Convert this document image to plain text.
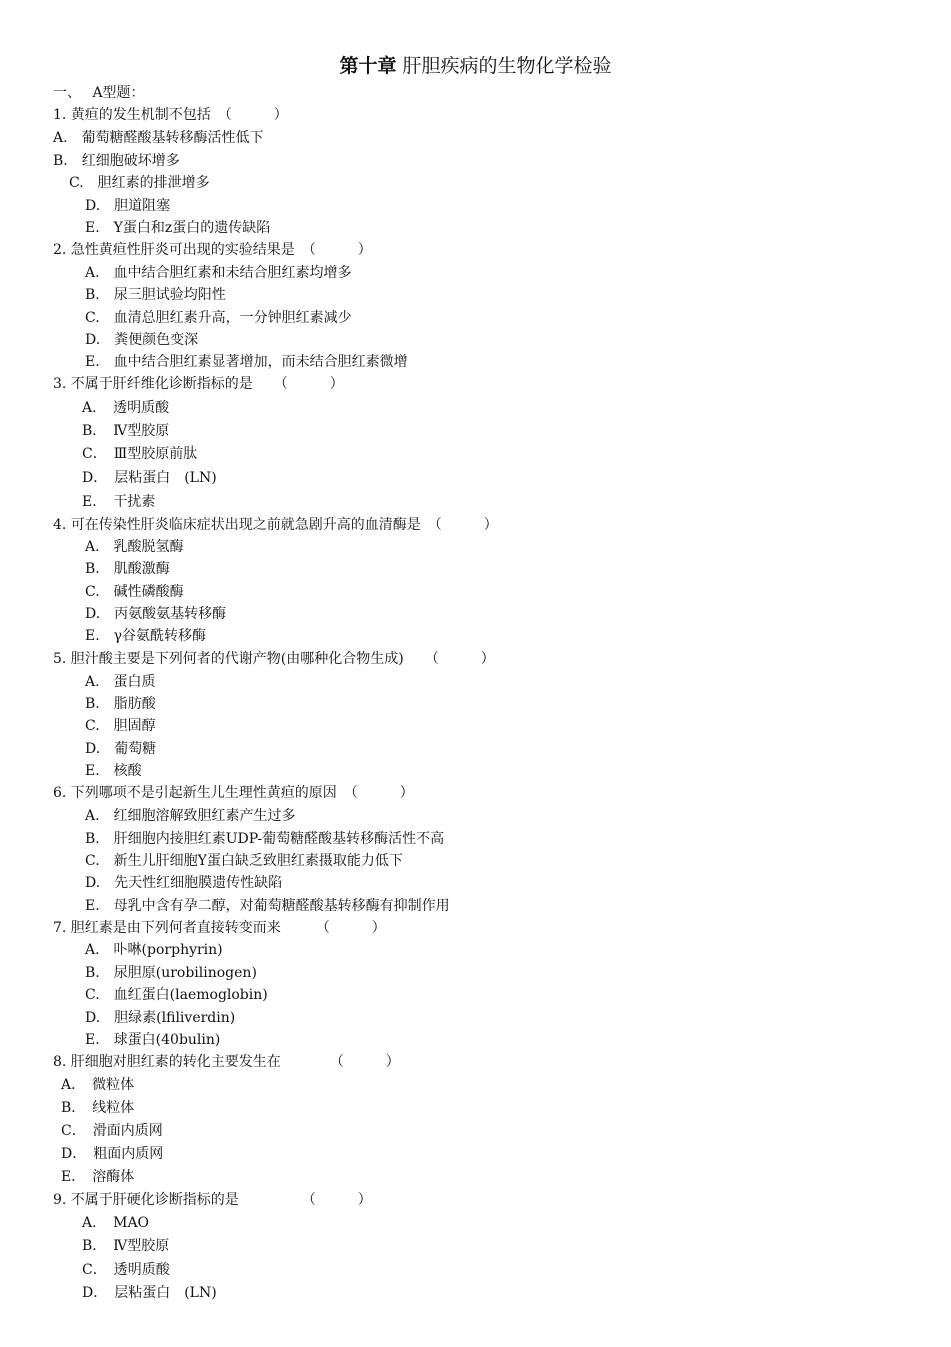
第十章 肝胆疾病的生物化学检验
一、　 A型题：
1. 黄疸的发生机制不包括　（　　　）
A.　葡萄糖醛酸基转移酶活性低下
B.　红细胞破坏增多
C.　胆红素的排泄增多
D.　胆道阻塞
E.　Y蛋白和z蛋白的遗传缺陷
2. 急性黄疸性肝炎可出现的实验结果是　（　　　）
A.　血中结合胆红素和未结合胆红素均增多
B.　尿三胆试验均阳性
C.　血清总胆红素升高，一分钟胆红素减少
D.　粪便颜色变深
E.　血中结合胆红素显著增加，而未结合胆红素微增
3. 不属于肝纤维化诊断指标的是　　（　　　）
A．　透明质酸
B．　Ⅳ型胶原
C．　Ⅲ型胶原前肽
D．　层粘蛋白　(LN)
E．　干扰素
4. 可在传染性肝炎临床症状出现之前就急剧升高的血清酶是　（　　　）
A.　乳酸脱氢酶
B.　肌酸激酶
C.　碱性磷酸酶
D.　丙氨酸氨基转移酶
E.　γ谷氨酰转移酶
5. 胆汁酸主要是下列何者的代谢产物(由哪种化合物生成)　　（　　　）
A.　蛋白质
B.　脂肪酸
C.　胆固醇
D.　葡萄糖
E.　核酸
6. 下列哪项不是引起新生儿生理性黄疸的原因　（　　　）
A.　红细胞溶解致胆红素产生过多
B.　肝细胞内接胆红素UDP-葡萄糖醛酸基转移酶活性不高
C.　新生儿肝细胞Y蛋白缺乏致胆红素摄取能力低下
D.　先天性红细胞膜遗传性缺陷
E.　母乳中含有孕二醇，对葡萄糖醛酸基转移酶有抑制作用
7. 胆红素是由下列何者直接转变而来　　　（　　　）
A.　卟啉(porphyrin)
B.　尿胆原(urobilinogen)
C.　血红蛋白(laemoglobin)
D.　胆绿素(lfiliverdin)
E.　球蛋白(40bulin)
8. 肝细胞对胆红素的转化主要发生在　　　　（　　　）
A．　微粒体
B．　线粒体
C．　滑面内质网
D．　粗面内质网
E．　溶酶体
9. 不属于肝硬化诊断指标的是　　　　　（　　　）
A．　MAO
B．　Ⅳ型胶原
C．　透明质酸
D．　层粘蛋白　(LN)
